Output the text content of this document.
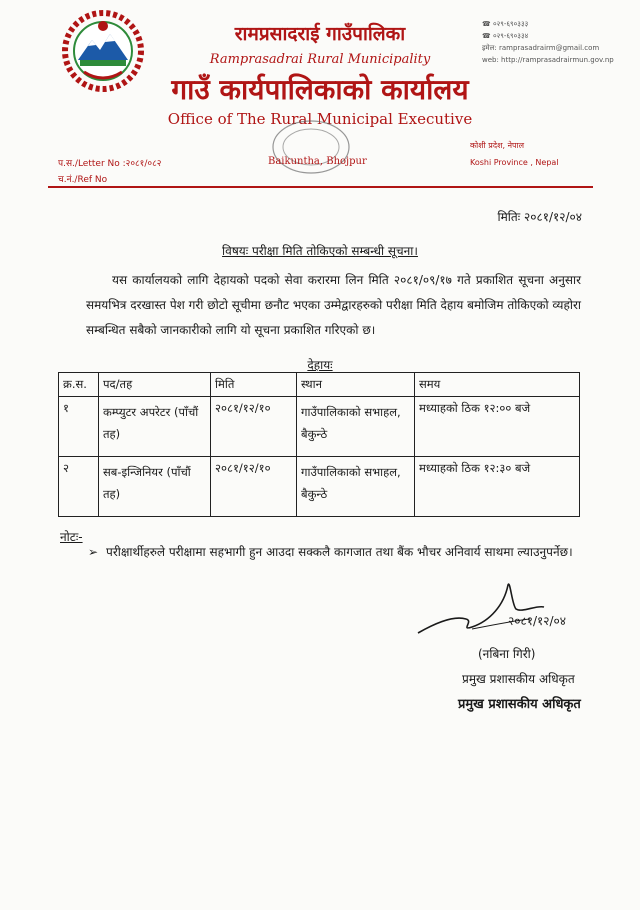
रामप्रसादराई गाउँपालिका
Ramprasadrai Rural Municipality
गाउँ कार्यपालिकाको कार्यालय
Office of The Rural Municipal Executive
☎ ०२९-६९०३३३
☎ ०२९-६९०३३४
इमेल: ramprasadrairm@gmail.com
web: http://ramprasadrairmun.gov.np
कोशी प्रदेश, नेपाल
Koshi Province , Nepal
प.स./Letter No :२०८१/०८२
च.नं./Ref No
Baikuntha, Bhojpur
मितिः २०८१/१२/०४
विषयः परीक्षा मिति तोकिएको सम्बन्धी सूचना।
यस कार्यालयको लागि देहायको पदको सेवा करारमा लिन मिति २०८१/०९/१७ गते प्रकाशित सूचना अनुसार समयभित्र दरखास्त पेश गरी छोटो सूचीमा छनौट भएका उम्मेद्वारहरुको परीक्षा मिति देहाय बमोजिम तोकिएको व्यहोरा सम्बन्धित सबैको जानकारीको लागि यो सूचना प्रकाशित गरिएको छ।
देहायः
क्र.स.	पद/तह	मिति	स्थान	समय
१	कम्प्युटर अपरेटर (पाँचौं तह)	२०८१/१२/१०	गाउँपालिकाको सभाहल, बैकुन्ठे	मध्याहको ठिक १२:०० बजे
२	सब-इन्जिनियर (पाँचौं तह)	२०८१/१२/१०	गाउँपालिकाको सभाहल, बैकुन्ठे	मध्याहको ठिक १२:३० बजे
नोटः-
➢ परीक्षार्थीहरुले परीक्षामा सहभागी हुन आउदा सक्कलै कागजात तथा बैंक भौचर अनिवार्य साथमा ल्याउनुपर्नेछ।
२०८१/१२/०४
(नबिना गिरी)
प्रमुख प्रशासकीय अधिकृत
प्रमुख प्रशासकीय अधिकृत
